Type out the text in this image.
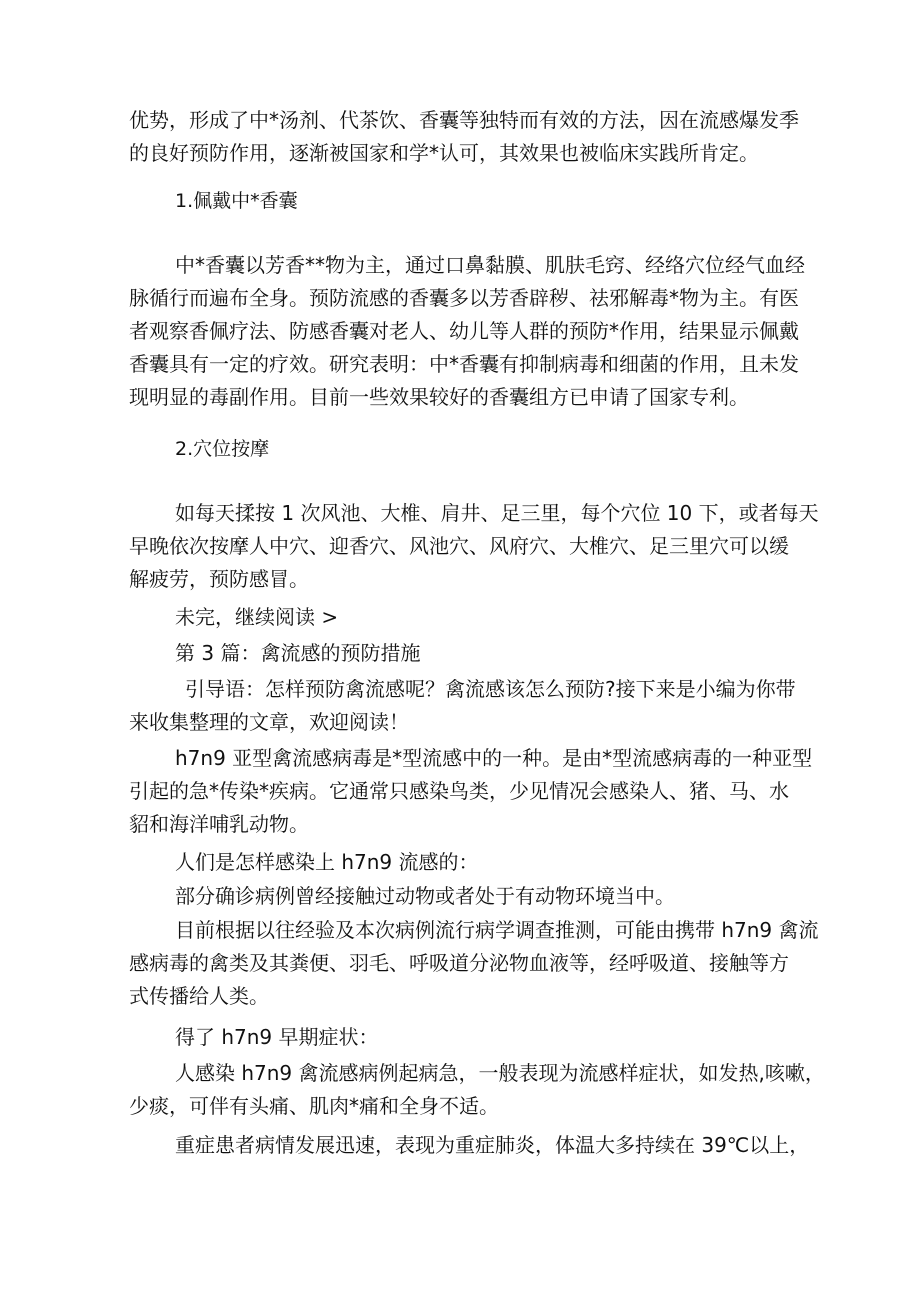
优势，形成了中*汤剂、代茶饮、香囊等独特而有效的方法，因在流感爆发季
的良好预防作用，逐渐被国家和学*认可，其效果也被临床实践所肯定。
1.佩戴中*香囊
中*香囊以芳香**物为主，通过口鼻黏膜、肌肤毛窍、经络穴位经气血经
脉循行而遍布全身。预防流感的香囊多以芳香辟秽、祛邪解毒*物为主。有医
者观察香佩疗法、防感香囊对老人、幼儿等人群的预防*作用，结果显示佩戴
香囊具有一定的疗效。研究表明：中*香囊有抑制病毒和细菌的作用，且未发
现明显的毒副作用。目前一些效果较好的香囊组方已申请了国家专利。
2.穴位按摩
如每天揉按 1 次风池、大椎、肩井、足三里，每个穴位 10 下，或者每天
早晚依次按摩人中穴、迎香穴、风池穴、风府穴、大椎穴、足三里穴可以缓
解疲劳，预防感冒。
未完，继续阅读 >
第 3 篇：禽流感的预防措施
引导语：怎样预防禽流感呢？禽流感该怎么预防?接下来是小编为你带
来收集整理的文章，欢迎阅读！
h7n9 亚型禽流感病毒是*型流感中的一种。是由*型流感病毒的一种亚型
引起的急*传染*疾病。它通常只感染鸟类，少见情况会感染人、猪、马、水
貂和海洋哺乳动物。
人们是怎样感染上 h7n9 流感的：
部分确诊病例曾经接触过动物或者处于有动物环境当中。
目前根据以往经验及本次病例流行病学调查推测，可能由携带 h7n9 禽流
感病毒的禽类及其粪便、羽毛、呼吸道分泌物血液等，经呼吸道、接触等方
式传播给人类。
得了 h7n9 早期症状：
人感染 h7n9 禽流感病例起病急，一般表现为流感样症状，如发热,咳嗽，
少痰，可伴有头痛、肌肉*痛和全身不适。
重症患者病情发展迅速，表现为重症肺炎，体温大多持续在 39℃以上，
